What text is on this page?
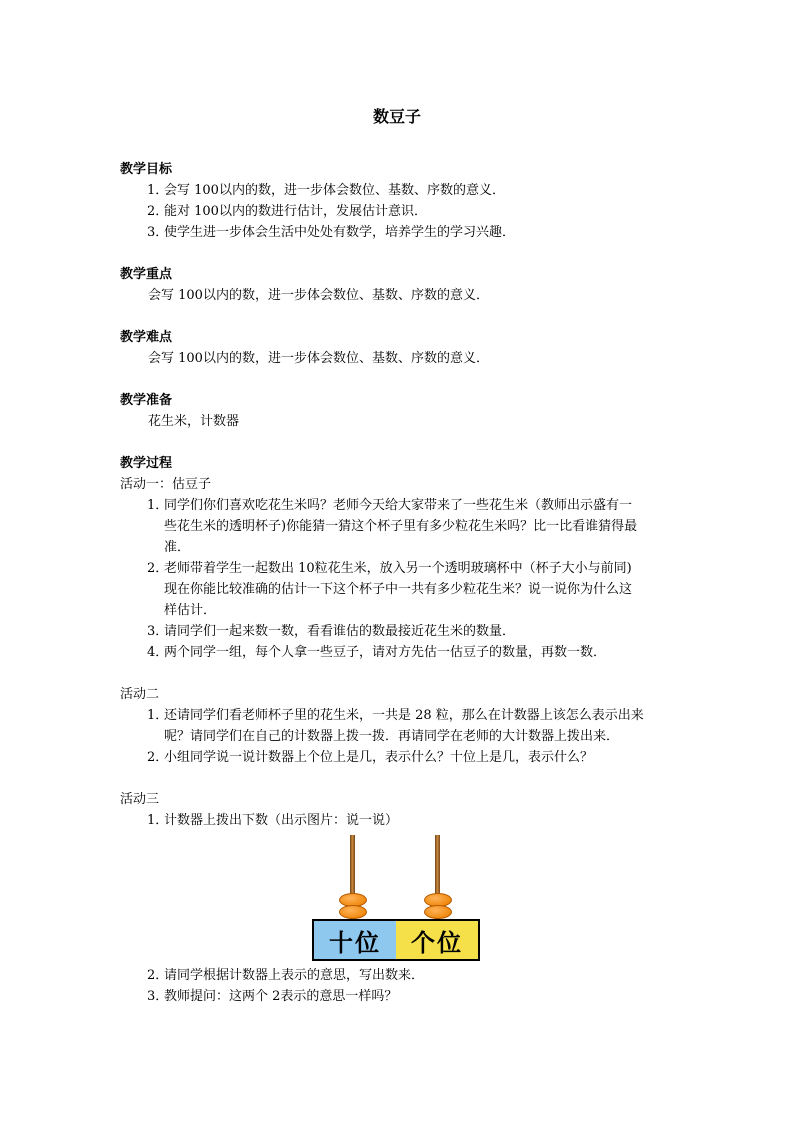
数豆子
教学目标
1．
会写 100以内的数，进一步体会数位、基数、序数的意义．
2．
能对 100以内的数进行估计，发展估计意识．
3．
使学生进一步体会生活中处处有数学，培养学生的学习兴趣．
教学重点
会写 100以内的数，进一步体会数位、基数、序数的意义．
教学难点
会写 100以内的数，进一步体会数位、基数、序数的意义．
教学准备
花生米，计数器
教学过程
活动一：估豆子
1．
同学们你们喜欢吃花生米吗？老师今天给大家带来了一些花生米（教师出示盛有一
些花生米的透明杯子)你能猜一猜这个杯子里有多少粒花生米吗？比一比看谁猜得最
准．
2．
老师带着学生一起数出 10粒花生米，放入另一个透明玻璃杯中（杯子大小与前同)
现在你能比较准确的估计一下这个杯子中一共有多少粒花生米？说一说你为什么这
样估计．
3．
请同学们一起来数一数，看看谁估的数最接近花生米的数量．
4．
两个同学一组，每个人拿一些豆子，请对方先估一估豆子的数量，再数一数．
活动二
1．
还请同学们看老师杯子里的花生米，一共是 28 粒，那么在计数器上该怎么表示出来
呢？请同学们在自己的计数器上拨一拨．再请同学在老师的大计数器上拨出来．
2．
小组同学说一说计数器上个位上是几，表示什么？十位上是几，表示什么？
活动三
1．
计数器上拨出下数（出示图片：说一说）
十位	个位
2．
请同学根据计数器上表示的意思，写出数来．
3．
教师提问：这两个 2表示的意思一样吗？
